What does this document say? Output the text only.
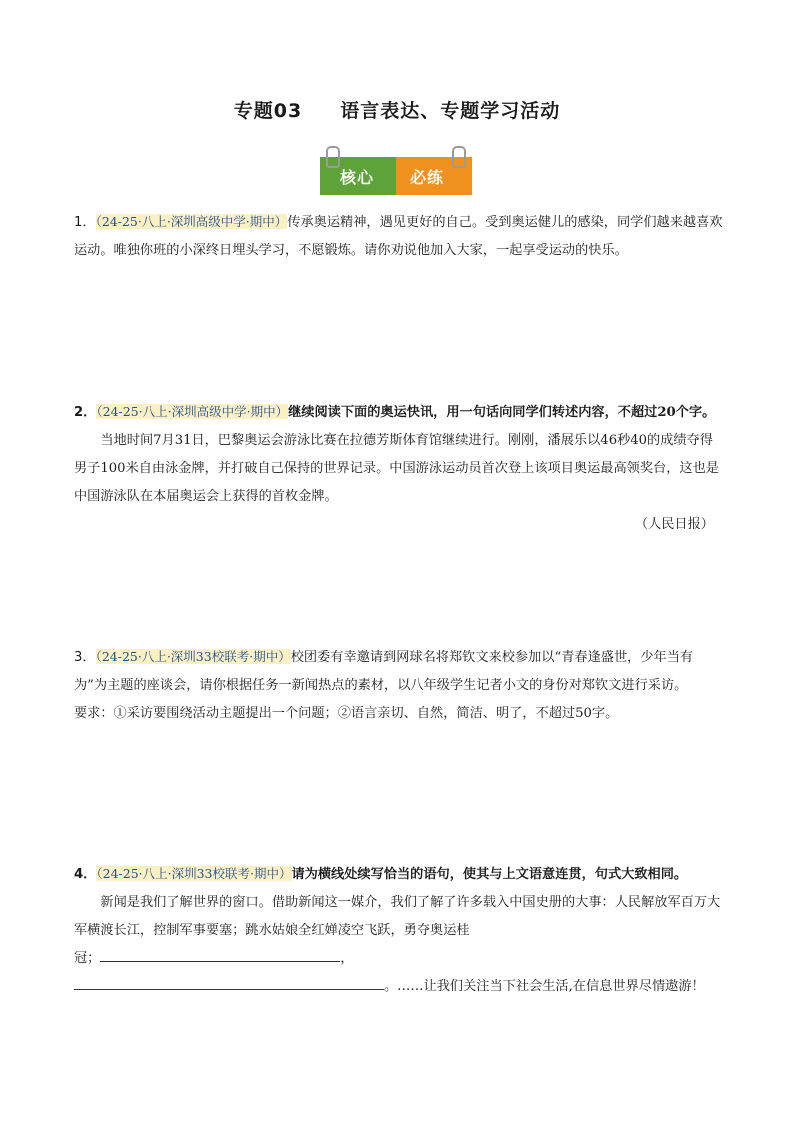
专题03 语言表达、专题学习活动
核心 必练
1．（24-25·八上·深圳高级中学·期中）传承奥运精神，遇见更好的自己。受到奥运健儿的感染，同学们越来越喜欢运动。唯独你班的小深终日埋头学习，不愿锻炼。请你劝说他加入大家，一起享受运动的快乐。
2．（24-25·八上·深圳高级中学·期中）继续阅读下面的奥运快讯，用一句话向同学们转述内容，不超过20个字。
当地时间7月31日，巴黎奥运会游泳比赛在拉德芳斯体育馆继续进行。刚刚，潘展乐以46秒40的成绩夺得男子100米自由泳金牌，并打破自己保持的世界记录。中国游泳运动员首次登上该项目奥运最高领奖台，这也是中国游泳队在本届奥运会上获得的首枚金牌。
（人民日报）
3．（24-25·八上·深圳33校联考·期中）校团委有幸邀请到网球名将郑钦文来校参加以“青春逢盛世，少年当有为”为主题的座谈会，请你根据任务一新闻热点的素材，以八年级学生记者小文的身份对郑钦文进行采访。
要求：①采访要围绕活动主题提出一个问题；②语言亲切、自然，简洁、明了，不超过50字。
4．（24-25·八上·深圳33校联考·期中）请为横线处续写恰当的语句，使其与上文语意连贯，句式大致相同。
新闻是我们了解世界的窗口。借助新闻这一媒介，我们了解了许多载入中国史册的大事：人民解放军百万大军横渡长江，控制军事要塞；跳水姑娘全红婵凌空飞跃，勇夺奥运桂
冠；	，
。……让我们关注当下社会生活,在信息世界尽情遨游！
